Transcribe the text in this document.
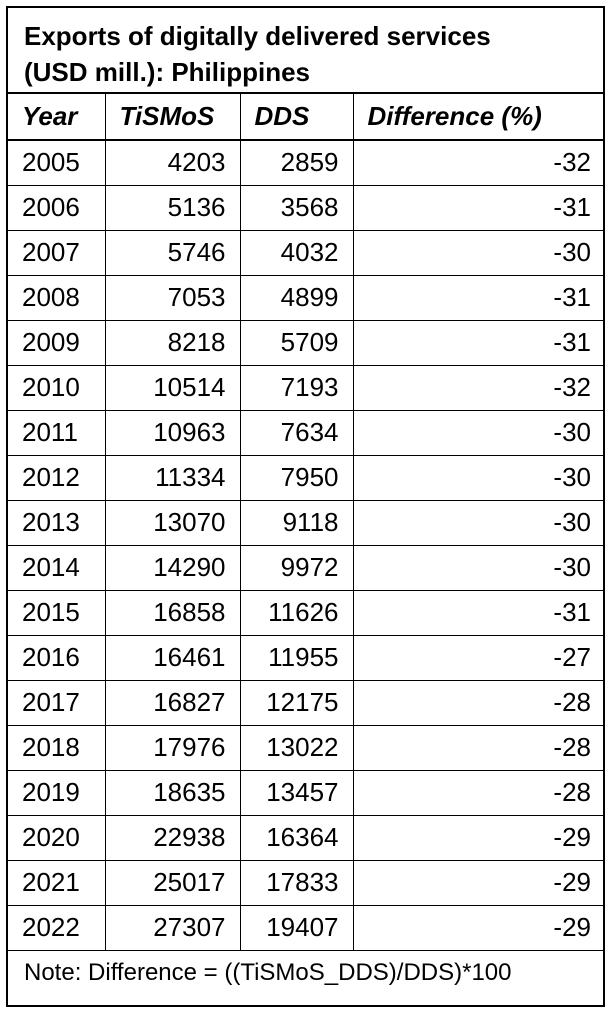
Exports of digitally delivered services
(USD mill.): Philippines
Year	TiSMoS	DDS	Difference (%)
2005	4203	2859	-32
2006	5136	3568	-31
2007	5746	4032	-30
2008	7053	4899	-31
2009	8218	5709	-31
2010	10514	7193	-32
2011	10963	7634	-30
2012	11334	7950	-30
2013	13070	9118	-30
2014	14290	9972	-30
2015	16858	11626	-31
2016	16461	11955	-27
2017	16827	12175	-28
2018	17976	13022	-28
2019	18635	13457	-28
2020	22938	16364	-29
2021	25017	17833	-29
2022	27307	19407	-29
Note: Difference = ((TiSMoS_DDS)/DDS)*100
